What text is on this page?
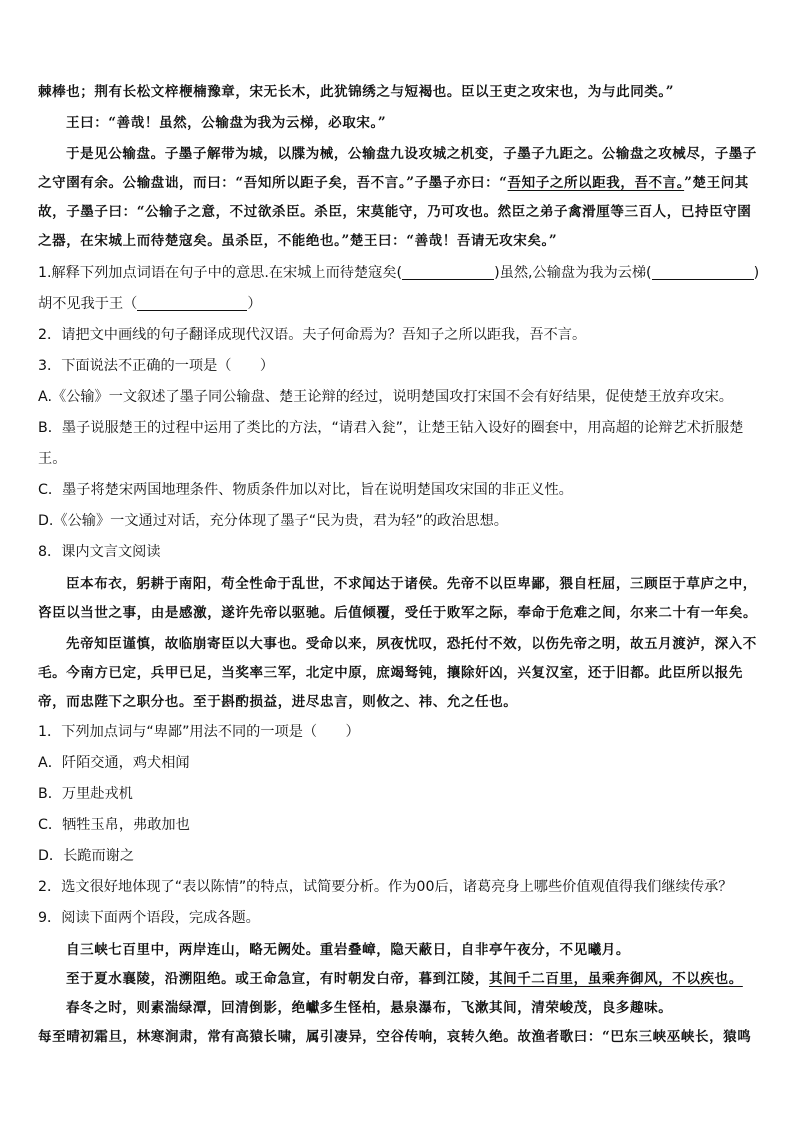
棘棒也；荆有长松文梓楩楠豫章，宋无长木，此犹锦绣之与短褐也。臣以王吏之攻宋也，为与此同类。”

王曰：“善哉！虽然，公输盘为我为云梯，必取宋。”

于是见公输盘。子墨子解带为城，以牒为械，公输盘九设攻城之机变，子墨子九距之。公输盘之攻械尽，子墨子之守圉有余。公输盘诎，而曰：“吾知所以距子矣，吾不言。”子墨子亦曰：“吾知子之所以距我，吾不言。”楚王问其故，子墨子曰：“公输子之意，不过欲杀臣。杀臣，宋莫能守，乃可攻也。然臣之弟子禽滑厘等三百人，已持臣守圉之器，在宋城上而待楚寇矣。虽杀臣，不能绝也。”楚王曰：“善哉！吾请无攻宋矣。”

1.解释下列加点词语在句子中的意思.在宋城上而待楚寇矣(	)虽然,公输盘为我为云梯(	)
胡不见我于王（	）

2．请把文中画线的句子翻译成现代汉语。夫子何命焉为？吾知子之所以距我，吾不言。

3．下面说法不正确的一项是（　　）

A.《公输》一文叙述了墨子同公输盘、楚王论辩的经过，说明楚国攻打宋国不会有好结果，促使楚王放弃攻宋。

B．墨子说服楚王的过程中运用了类比的方法，“请君入瓮”，让楚王钻入设好的圈套中，用高超的论辩艺术折服楚王。

C．墨子将楚宋两国地理条件、物质条件加以对比，旨在说明楚国攻宋国的非正义性。

D.《公输》一文通过对话，充分体现了墨子“民为贵，君为轻”的政治思想。

8．课内文言文阅读

臣本布衣，躬耕于南阳，苟全性命于乱世，不求闻达于诸侯。先帝不以臣卑鄙，猥自枉屈，三顾臣于草庐之中，咨臣以当世之事，由是感激，遂许先帝以驱驰。后值倾覆，受任于败军之际，奉命于危难之间，尔来二十有一年矣。

先帝知臣谨慎，故临崩寄臣以大事也。受命以来，夙夜忧叹，恐托付不效，以伤先帝之明，故五月渡泸，深入不毛。今南方已定，兵甲已足，当奖率三军，北定中原，庶竭驽钝，攘除奸凶，兴复汉室，还于旧都。此臣所以报先帝，而忠陛下之职分也。至于斟酌损益，进尽忠言，则攸之、祎、允之任也。

1．下列加点词与“卑鄙”用法不同的一项是（　　）

A．阡陌交通，鸡犬相闻

B．万里赴戎机

C．牺牲玉帛，弗敢加也

D．长跪而谢之

2．选文很好地体现了“表以陈情”的特点，试简要分析。作为00后，诸葛亮身上哪些价值观值得我们继续传承？

9．阅读下面两个语段，完成各题。

自三峡七百里中，两岸连山，略无阙处。重岩叠嶂，隐天蔽日，自非亭午夜分，不见曦月。

至于夏水襄陵，沿溯阻绝。或王命急宣，有时朝发白帝，暮到江陵，其间千二百里，虽乘奔御风，不以疾也。

春冬之时，则素湍绿潭，回清倒影，绝巘多生怪柏，悬泉瀑布，飞漱其间，清荣峻茂，良多趣味。

每至晴初霜旦，林寒涧肃，常有高猿长啸，属引凄异，空谷传响，哀转久绝。故渔者歌曰：“巴东三峡巫峡长，猿鸣
